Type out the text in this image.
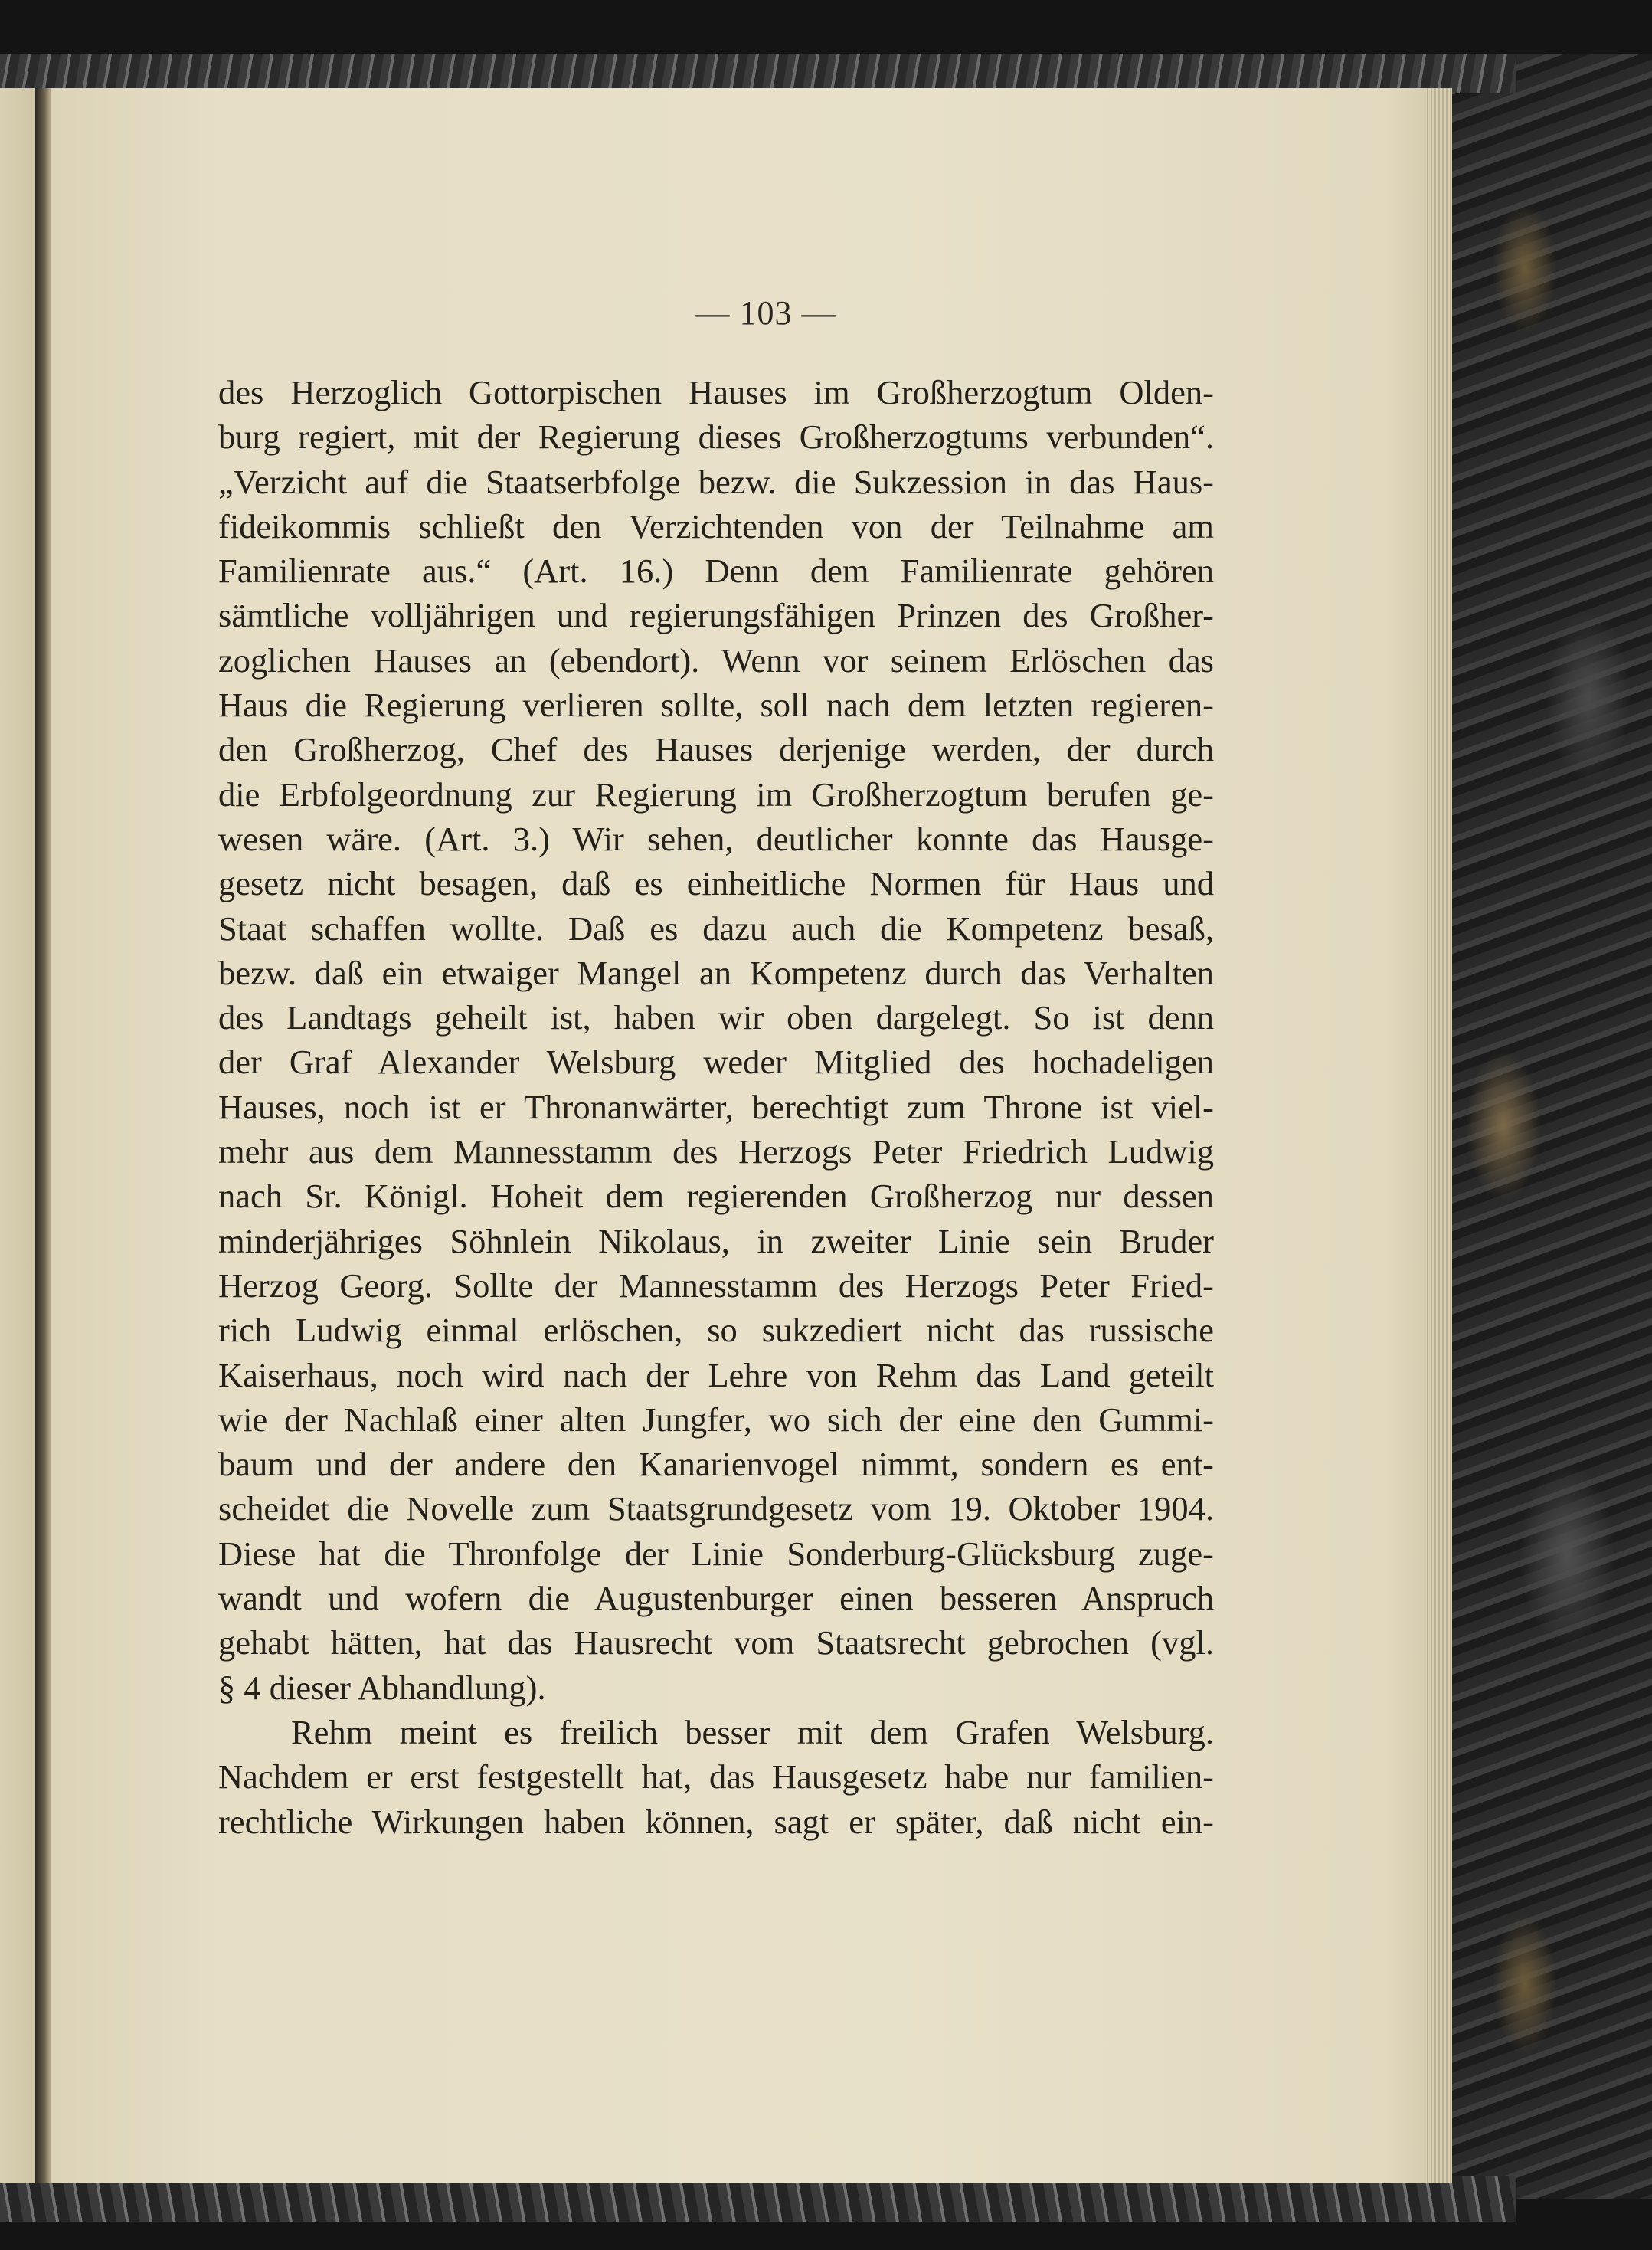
— 103 —
des Herzoglich Gottorpischen Hauses im Großherzogtum Olden-
burg regiert, mit der Regierung dieses Großherzogtums verbunden“.
„Verzicht auf die Staatserbfolge bezw. die Sukzession in das Haus-
fideikommis schließt den Verzichtenden von der Teilnahme am
Familienrate aus.“ (Art. 16.) Denn dem Familienrate gehören
sämtliche volljährigen und regierungsfähigen Prinzen des Großher-
zoglichen Hauses an (ebendort). Wenn vor seinem Erlöschen das
Haus die Regierung verlieren sollte, soll nach dem letzten regieren-
den Großherzog, Chef des Hauses derjenige werden, der durch
die Erbfolgeordnung zur Regierung im Großherzogtum berufen ge-
wesen wäre. (Art. 3.) Wir sehen, deutlicher konnte das Hausge-
gesetz nicht besagen, daß es einheitliche Normen für Haus und
Staat schaffen wollte. Daß es dazu auch die Kompetenz besaß,
bezw. daß ein etwaiger Mangel an Kompetenz durch das Verhalten
des Landtags geheilt ist, haben wir oben dargelegt. So ist denn
der Graf Alexander Welsburg weder Mitglied des hochadeligen
Hauses, noch ist er Thronanwärter, berechtigt zum Throne ist viel-
mehr aus dem Mannesstamm des Herzogs Peter Friedrich Ludwig
nach Sr. Königl. Hoheit dem regierenden Großherzog nur dessen
minderjähriges Söhnlein Nikolaus, in zweiter Linie sein Bruder
Herzog Georg. Sollte der Mannesstamm des Herzogs Peter Fried-
rich Ludwig einmal erlöschen, so sukzediert nicht das russische
Kaiserhaus, noch wird nach der Lehre von Rehm das Land geteilt
wie der Nachlaß einer alten Jungfer, wo sich der eine den Gummi-
baum und der andere den Kanarienvogel nimmt, sondern es ent-
scheidet die Novelle zum Staatsgrundgesetz vom 19. Oktober 1904.
Diese hat die Thronfolge der Linie Sonderburg-Glücksburg zuge-
wandt und wofern die Augustenburger einen besseren Anspruch
gehabt hätten, hat das Hausrecht vom Staatsrecht gebrochen (vgl.
§ 4 dieser Abhandlung).
Rehm meint es freilich besser mit dem Grafen Welsburg.
Nachdem er erst festgestellt hat, das Hausgesetz habe nur familien-
rechtliche Wirkungen haben können, sagt er später, daß nicht ein-
